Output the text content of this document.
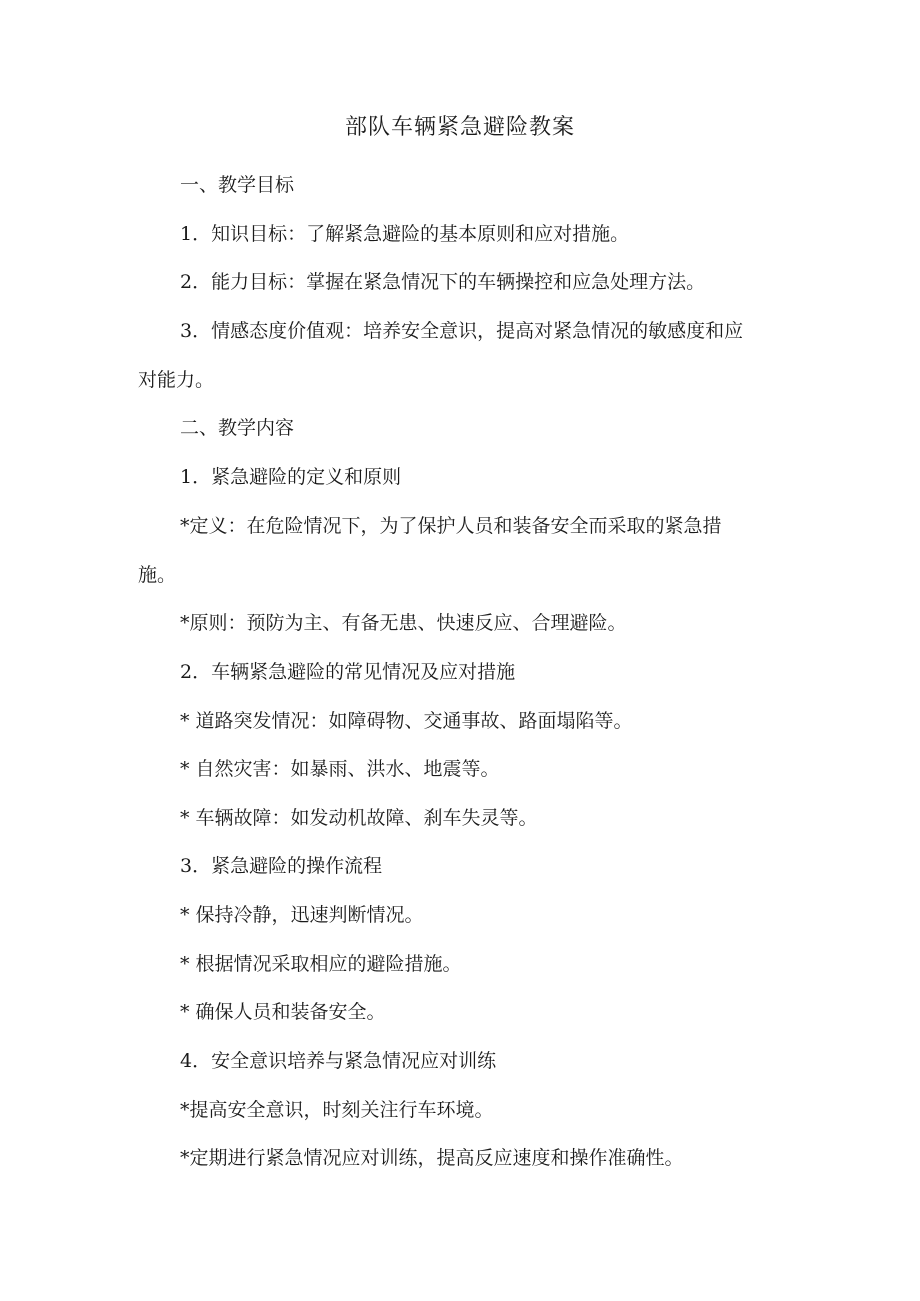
部队车辆紧急避险教案

一、教学目标

1．知识目标：了解紧急避险的基本原则和应对措施。

2．能力目标：掌握在紧急情况下的车辆操控和应急处理方法。

3．情感态度价值观：培养安全意识，提高对紧急情况的敏感度和应

对能力。

二、教学内容

1．紧急避险的定义和原则

*定义：在危险情况下，为了保护人员和装备安全而采取的紧急措

施。

*原则：预防为主、有备无患、快速反应、合理避险。

2．车辆紧急避险的常见情况及应对措施

* 道路突发情况：如障碍物、交通事故、路面塌陷等。

* 自然灾害：如暴雨、洪水、地震等。

* 车辆故障：如发动机故障、刹车失灵等。

3．紧急避险的操作流程

* 保持冷静，迅速判断情况。

* 根据情况采取相应的避险措施。

* 确保人员和装备安全。

4．安全意识培养与紧急情况应对训练

*提高安全意识，时刻关注行车环境。

*定期进行紧急情况应对训练，提高反应速度和操作准确性。
